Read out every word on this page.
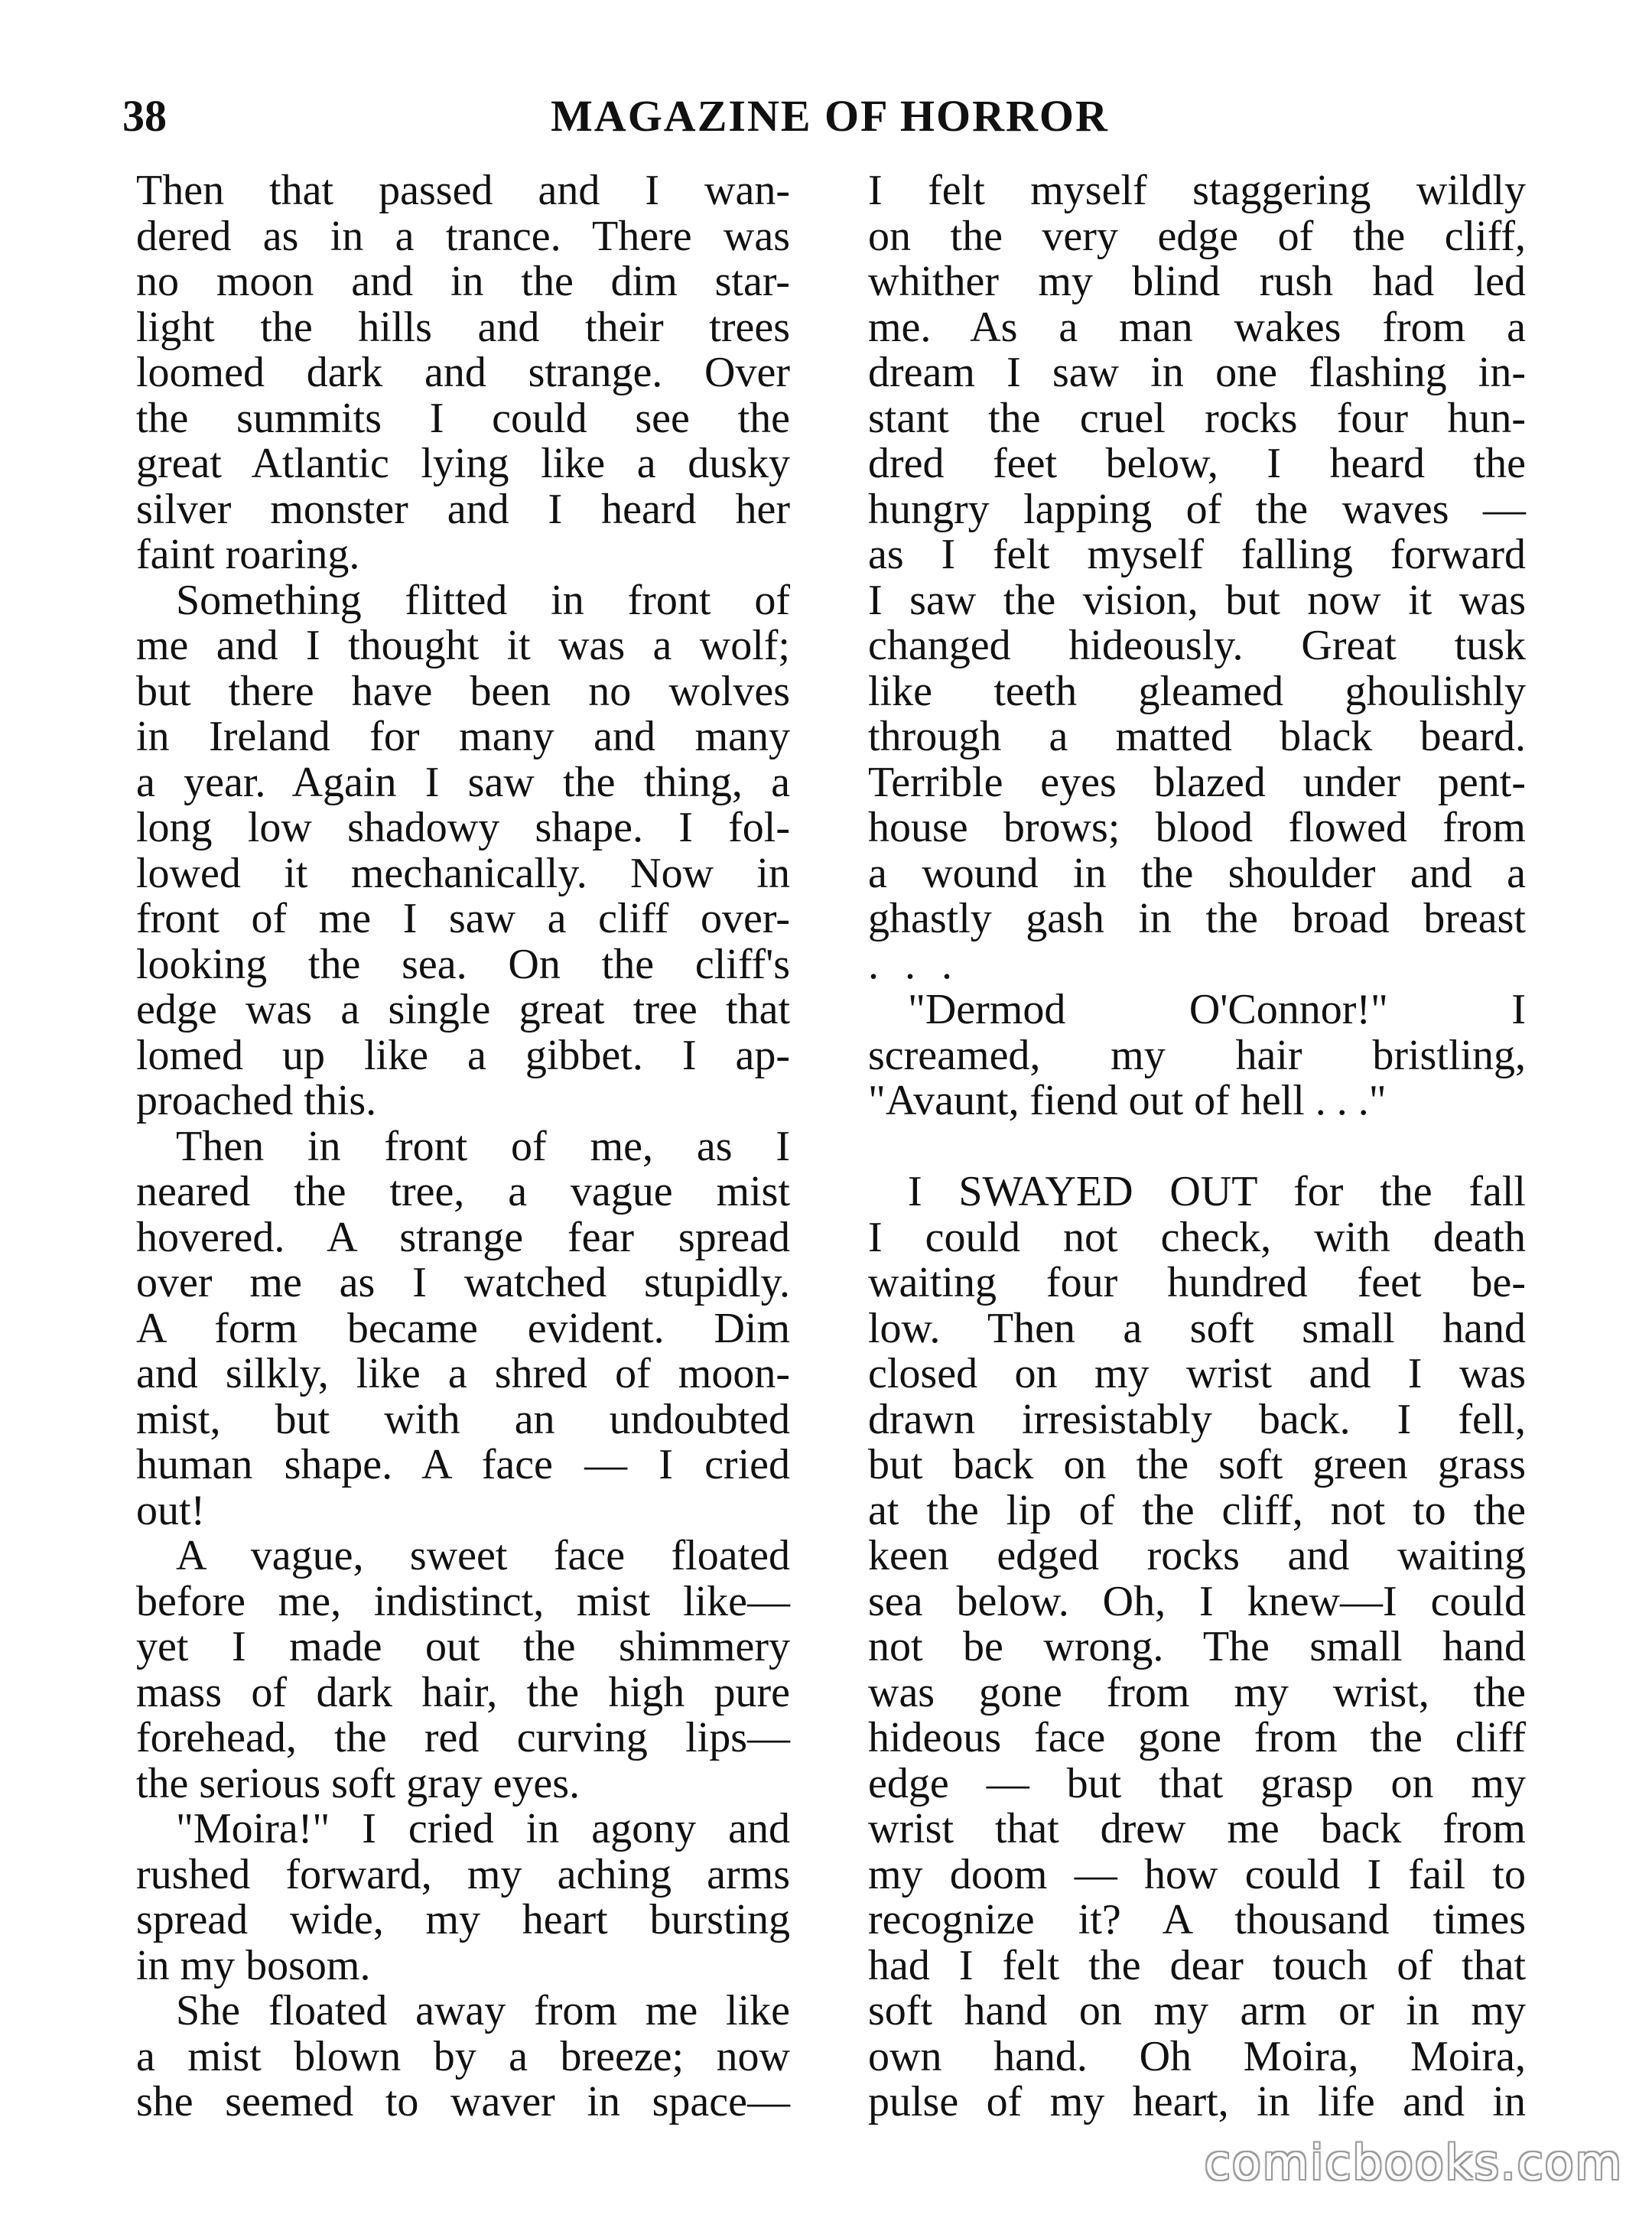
38	MAGAZINE OF HORROR
Then that passed and I wan-
dered as in a trance. There was
no moon and in the dim star-
light the hills and their trees
loomed dark and strange. Over
the summits I could see the
great Atlantic lying like a dusky
silver monster and I heard her
faint roaring.
Something flitted in front of
me and I thought it was a wolf;
but there have been no wolves
in Ireland for many and many
a year. Again I saw the thing, a
long low shadowy shape. I fol-
lowed it mechanically. Now in
front of me I saw a cliff over-
looking the sea. On the cliff's
edge was a single great tree that
lomed up like a gibbet. I ap-
proached this.
Then in front of me, as I
neared the tree, a vague mist
hovered. A strange fear spread
over me as I watched stupidly.
A form became evident. Dim
and silkly, like a shred of moon-
mist, but with an undoubted
human shape. A face — I cried
out!
A vague, sweet face floated
before me, indistinct, mist like—
yet I made out the shimmery
mass of dark hair, the high pure
forehead, the red curving lips—
the serious soft gray eyes.
"Moira!" I cried in agony and
rushed forward, my aching arms
spread wide, my heart bursting
in my bosom.
She floated away from me like
a mist blown by a breeze; now
she seemed to waver in space—
I felt myself staggering wildly
on the very edge of the cliff,
whither my blind rush had led
me. As a man wakes from a
dream I saw in one flashing in-
stant the cruel rocks four hun-
dred feet below, I heard the
hungry lapping of the waves —
as I felt myself falling forward
I saw the vision, but now it was
changed hideously. Great tusk
like teeth gleamed ghoulishly
through a matted black beard.
Terrible eyes blazed under pent-
house brows; blood flowed from
a wound in the shoulder and a
ghastly gash in the broad breast
. . .
"Dermod O'Connor!" I
screamed, my hair bristling,
"Avaunt, fiend out of hell . . ."
I SWAYED OUT for the fall
I could not check, with death
waiting four hundred feet be-
low. Then a soft small hand
closed on my wrist and I was
drawn irresistably back. I fell,
but back on the soft green grass
at the lip of the cliff, not to the
keen edged rocks and waiting
sea below. Oh, I knew—I could
not be wrong. The small hand
was gone from my wrist, the
hideous face gone from the cliff
edge — but that grasp on my
wrist that drew me back from
my doom — how could I fail to
recognize it? A thousand times
had I felt the dear touch of that
soft hand on my arm or in my
own hand. Oh Moira, Moira,
pulse of my heart, in life and in
comicbooks.com
